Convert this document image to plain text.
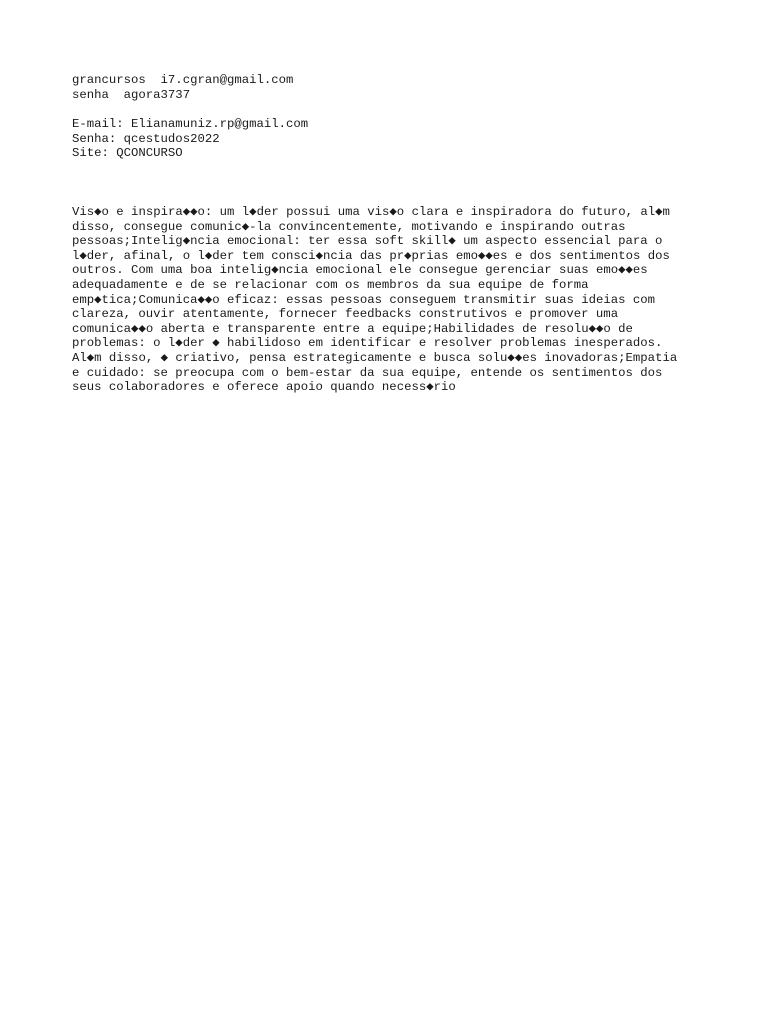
grancursos  i7.cgran@gmail.com
senha  agora3737
E-mail: Elianamuniz.rp@gmail.com
Senha: qcestudos2022
Site: QCONCURSO
Vis◆o e inspira◆◆o: um l◆der possui uma vis◆o clara e inspiradora do futuro, al◆m
disso, consegue comunic◆-la convincentemente, motivando e inspirando outras
pessoas;Intelig◆ncia emocional: ter essa soft skill◆ um aspecto essencial para o
l◆der, afinal, o l◆der tem consci◆ncia das pr◆prias emo◆◆es e dos sentimentos dos
outros. Com uma boa intelig◆ncia emocional ele consegue gerenciar suas emo◆◆es
adequadamente e de se relacionar com os membros da sua equipe de forma
emp◆tica;Comunica◆◆o eficaz: essas pessoas conseguem transmitir suas ideias com
clareza, ouvir atentamente, fornecer feedbacks construtivos e promover uma
comunica◆◆o aberta e transparente entre a equipe;Habilidades de resolu◆◆o de
problemas: o l◆der ◆ habilidoso em identificar e resolver problemas inesperados.
Al◆m disso, ◆ criativo, pensa estrategicamente e busca solu◆◆es inovadoras;Empatia
e cuidado: se preocupa com o bem-estar da sua equipe, entende os sentimentos dos
seus colaboradores e oferece apoio quando necess◆rio
